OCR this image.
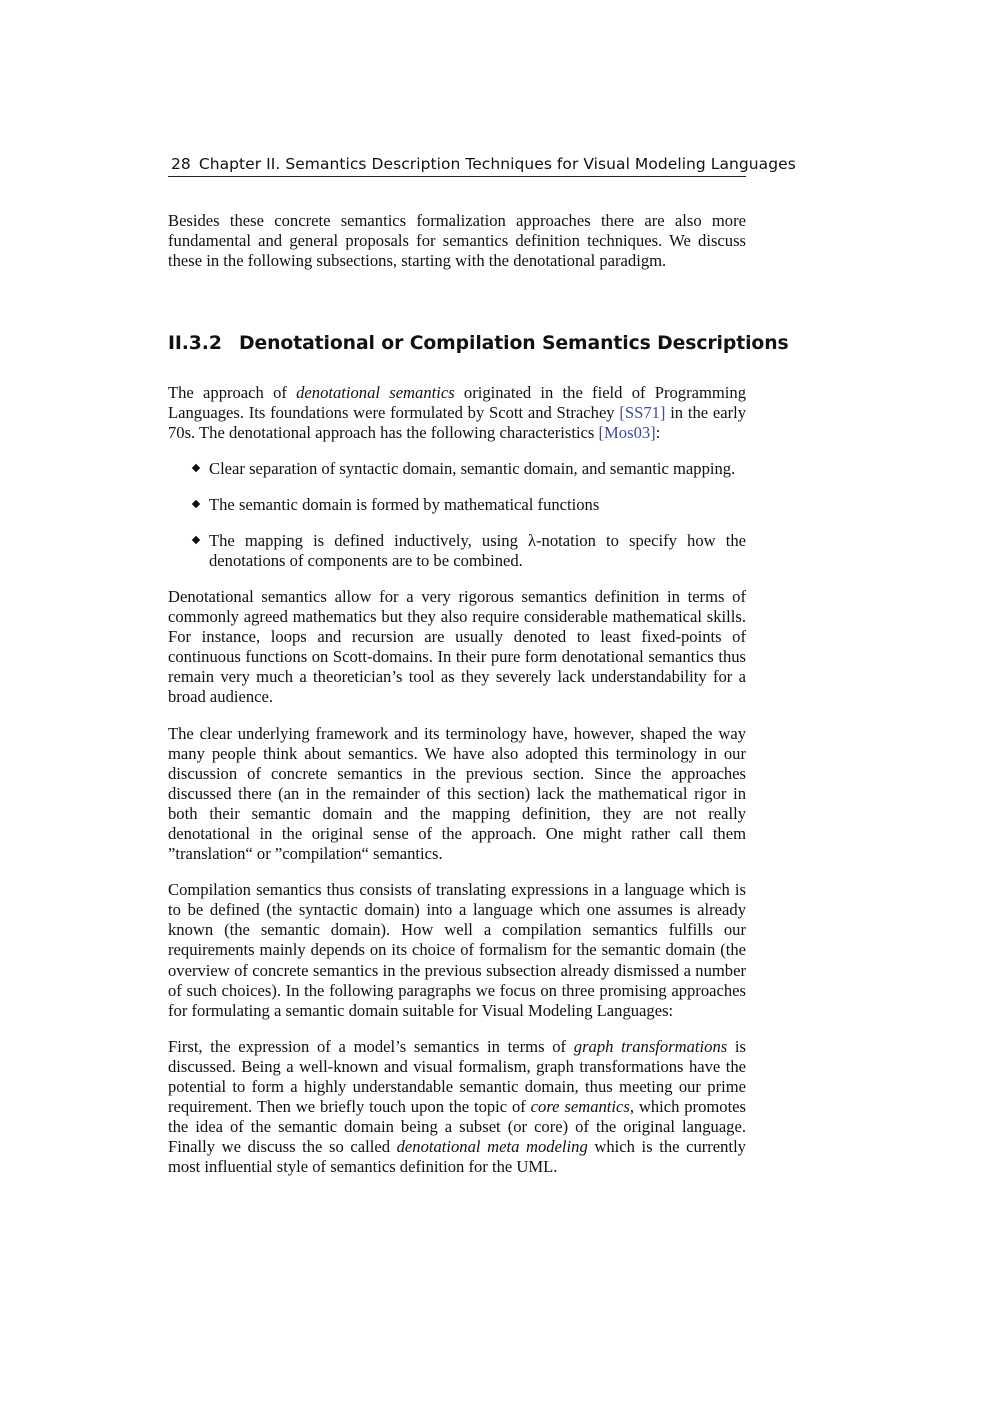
28 Chapter II. Semantics Description Techniques for Visual Modeling Languages

Besides these concrete semantics formalization approaches there are also more fundamental and general proposals for semantics definition techniques. We discuss these in the following subsections, starting with the denotational paradigm.

II.3.2 Denotational or Compilation Semantics Descriptions

The approach of denotational semantics originated in the field of Programming Languages. Its foundations were formulated by Scott and Strachey [SS71] in the early 70s. The denotational approach has the following characteristics [Mos03]:

Clear separation of syntactic domain, semantic domain, and semantic mapping.
The semantic domain is formed by mathematical functions
The mapping is defined inductively, using λ-notation to specify how the denotations of components are to be combined.

Denotational semantics allow for a very rigorous semantics definition in terms of commonly agreed mathematics but they also require considerable mathematical skills. For instance, loops and recursion are usually denoted to least fixed-points of continuous functions on Scott-domains. In their pure form denotational semantics thus remain very much a theoretician’s tool as they severely lack understandability for a broad audience.

The clear underlying framework and its terminology have, however, shaped the way many people think about semantics. We have also adopted this terminology in our discussion of concrete semantics in the previous section. Since the approaches discussed there (an in the remainder of this section) lack the mathematical rigor in both their semantic domain and the mapping definition, they are not really denotational in the original sense of the approach. One might rather call them ”translation“ or ”compilation“ semantics.

Compilation semantics thus consists of translating expressions in a language which is to be defined (the syntactic domain) into a language which one assumes is already known (the semantic domain). How well a compilation semantics fulfills our requirements mainly depends on its choice of formalism for the semantic domain (the overview of concrete semantics in the previous subsection already dismissed a number of such choices). In the following paragraphs we focus on three promising approaches for formulating a semantic domain suitable for Visual Modeling Languages:

First, the expression of a model’s semantics in terms of graph transformations is discussed. Being a well-known and visual formalism, graph transformations have the potential to form a highly understandable semantic domain, thus meeting our prime requirement. Then we briefly touch upon the topic of core semantics, which promotes the idea of the semantic domain being a subset (or core) of the original language. Finally we discuss the so called denotational meta modeling which is the currently most influential style of semantics definition for the UML.
